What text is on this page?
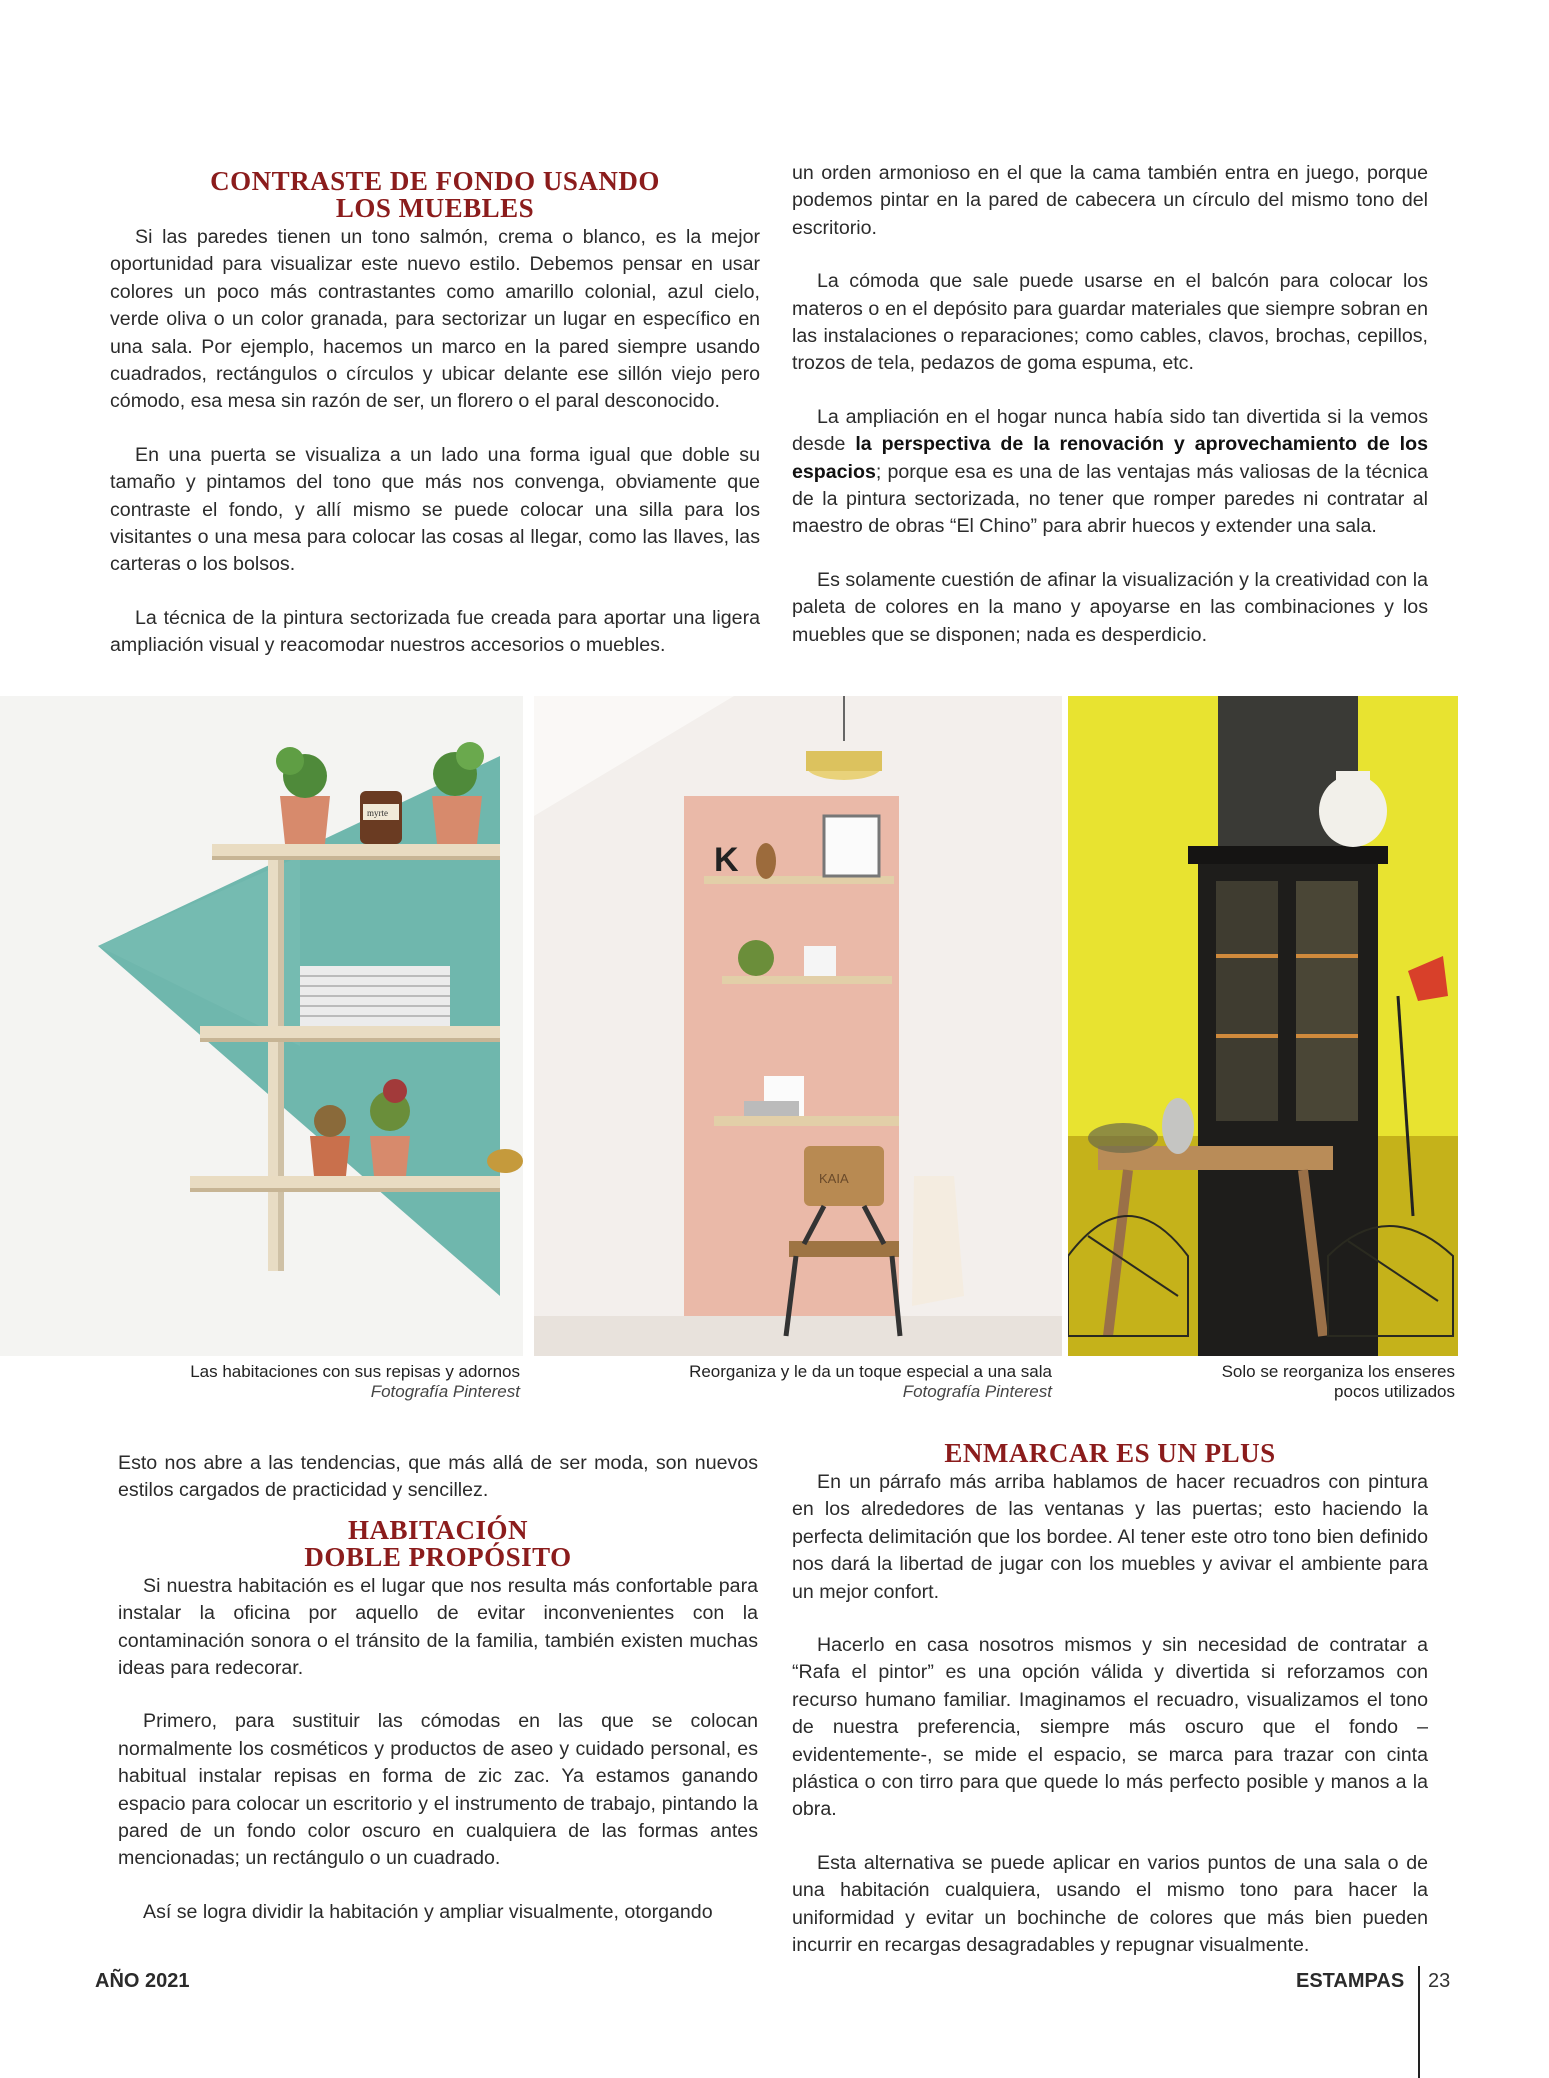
CONTRASTE DE FONDO USANDO
LOS MUEBLES

Si las paredes tienen un tono salmón, crema o blanco, es la mejor oportunidad para visualizar este nuevo estilo. Debemos pensar en usar colores un poco más contrastantes como amarillo colonial, azul cielo, verde oliva o un color granada, para sectorizar un lugar en específico en una sala. Por ejemplo, hacemos un marco en la pared siempre usando cuadrados, rectángulos o círculos y ubicar delante ese sillón viejo pero cómodo, esa mesa sin razón de ser, un florero o el paral desconocido.

En una puerta se visualiza a un lado una forma igual que doble su tamaño y pintamos del tono que más nos convenga, obviamente que contraste el fondo, y allí mismo se puede colocar una silla para los visitantes o una mesa para colocar las cosas al llegar, como las llaves, las carteras o los bolsos.

La técnica de la pintura sectorizada fue creada para aportar una ligera ampliación visual y reacomodar nuestros accesorios o muebles.

un orden armonioso en el que la cama también entra en juego, porque podemos pintar en la pared de cabecera un círculo del mismo tono del escritorio.

La cómoda que sale puede usarse en el balcón para colocar los materos o en el depósito para guardar materiales que siempre sobran en las instalaciones o reparaciones; como cables, clavos, brochas, cepillos, trozos de tela, pedazos de goma espuma, etc.

La ampliación en el hogar nunca había sido tan divertida si la vemos desde la perspectiva de la renovación y aprovechamiento de los espacios; porque esa es una de las ventajas más valiosas de la técnica de la pintura sectorizada, no tener que romper paredes ni contratar al maestro de obras “El Chino” para abrir huecos y extender una sala.

Es solamente cuestión de afinar la visualización y la creatividad con la paleta de colores en la mano y apoyarse en las combinaciones y los muebles que se disponen; nada es desperdicio.

myrte
K
KAIA
Las habitaciones con sus repisas y adornos
Fotografía Pinterest
Reorganiza y le da un toque especial a una sala
Fotografía Pinterest
Solo se reorganiza los enseres
pocos utilizados

Esto nos abre a las tendencias, que más allá de ser moda, son nuevos estilos cargados de practicidad y sencillez.

HABITACIÓN
DOBLE PROPÓSITO

Si nuestra habitación es el lugar que nos resulta más confortable para instalar la oficina por aquello de evitar inconvenientes con la contaminación sonora o el tránsito de la familia, también existen muchas ideas para redecorar.

Primero, para sustituir las cómodas en las que se colocan normalmente los cosméticos y productos de aseo y cuidado personal, es habitual instalar repisas en forma de zic zac. Ya estamos ganando espacio para colocar un escritorio y el instrumento de trabajo, pintando la pared de un fondo color oscuro en cualquiera de las formas antes mencionadas; un rectángulo o un cuadrado.

Así se logra dividir la habitación y ampliar visualmente, otorgando

ENMARCAR ES UN PLUS

En un párrafo más arriba hablamos de hacer recuadros con pintura en los alrededores de las ventanas y las puertas; esto haciendo la perfecta delimitación que los bordee. Al tener este otro tono bien definido nos dará la libertad de jugar con los muebles y avivar el ambiente para un mejor confort.

Hacerlo en casa nosotros mismos y sin necesidad de contratar a “Rafa el pintor” es una opción válida y divertida si reforzamos con recurso humano familiar. Imaginamos el recuadro, visualizamos el tono de nuestra preferencia, siempre más oscuro que el fondo –evidentemente-, se mide el espacio, se marca para trazar con cinta plástica o con tirro para que quede lo más perfecto posible y manos a la obra.

Esta alternativa se puede aplicar en varios puntos de una sala o de una habitación cualquiera, usando el mismo tono para hacer la uniformidad y evitar un bochinche de colores que más bien pueden incurrir en recargas desagradables y repugnar visualmente.

AÑO 2021	ESTAMPAS 23
